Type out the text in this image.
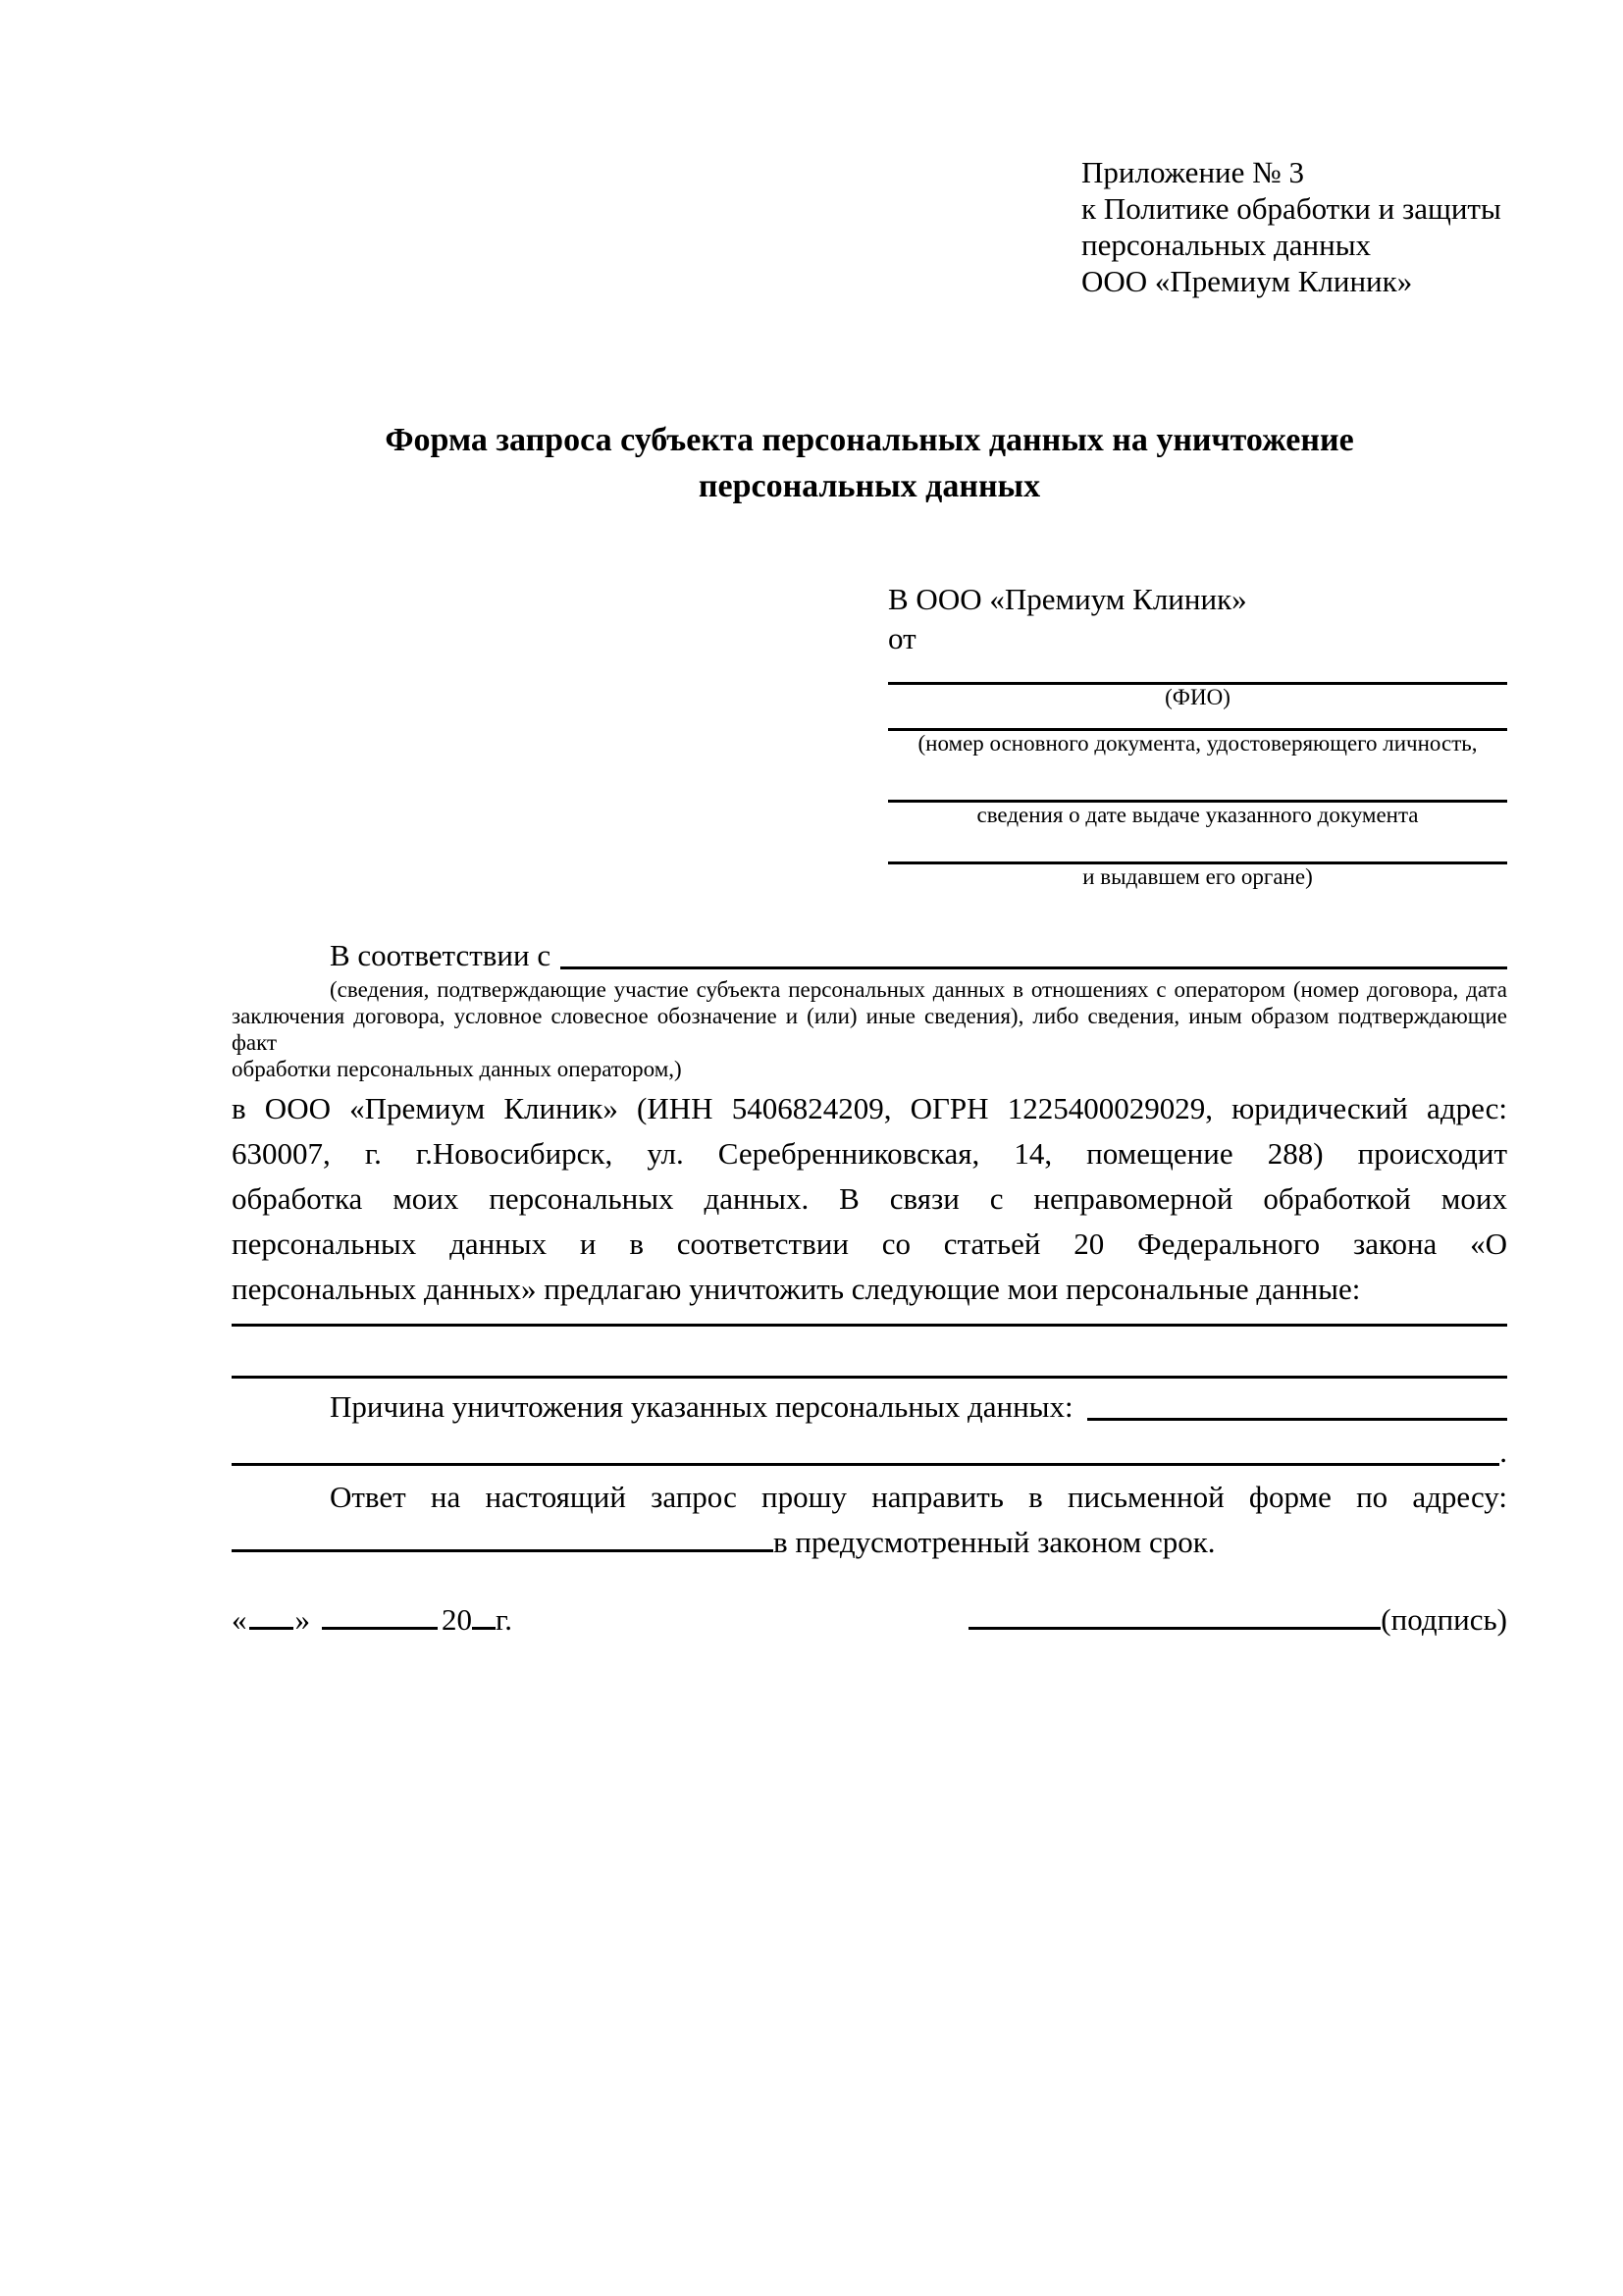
Приложение № 3
к Политике обработки и защиты
персональных данных
ООО «Премиум Клиник»
Форма запроса субъекта персональных данных на уничтожение
персональных данных
В ООО «Премиум Клиник»
от
(ФИО)
(номер основного документа, удостоверяющего личность,
сведения о дате выдаче указанного документа
и выдавшем его органе)
В соответствии с
(сведения, подтверждающие участие субъекта персональных данных в отношениях с оператором (номер договора, дата
заключения договора, условное словесное обозначение и (или) иные сведения), либо сведения, иным образом подтверждающие факт
обработки персональных данных оператором,)
в ООО «Премиум Клиник» (ИНН 5406824209, ОГРН 1225400029029, юридический адрес:
630007, г. г.Новосибирск, ул. Серебренниковская, 14, помещение 288) происходит
обработка моих персональных данных. В связи с неправомерной обработкой моих
персональных данных и в соответствии со статьей 20 Федерального закона «О
персональных данных» предлагаю уничтожить следующие мои персональные данные:
Причина уничтожения указанных персональных данных:
.
Ответ на настоящий запрос прошу направить в письменной форме по адресу:
в предусмотренный законом срок.
« »	20 г.	(подпись)
